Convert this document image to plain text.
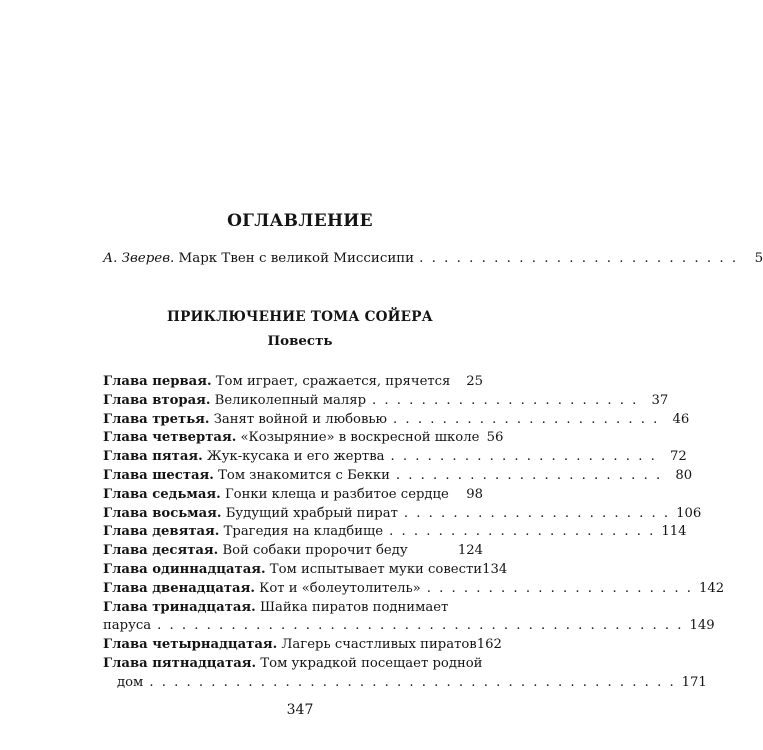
ОГЛАВЛЕНИЕ
А. Зверев. Марк Твен с великой Миссисипи . . . . . . . . . . . . . . . . . . . . . . . . . .	5
ПРИКЛЮЧЕНИЕ ТОМА СОЙЕРА
Повесть
Глава первая. Том играет, сражается, прячется	25
Глава вторая. Великолепный маляр . . . . . . . . . . . . . . . . . . . . . .	37
Глава третья. Занят войной и любовью . . . . . . . . . . . . . . . . . . . . . .	46
Глава четвертая. «Козыряние» в воскресной школе 56
Глава пятая. Жук-кусака и его жертва . . . . . . . . . . . . . . . . . . . . . .	72
Глава шестая. Том знакомится с Бекки . . . . . . . . . . . . . . . . . . . . . .	80
Глава седьмая. Гонки клеща и разбитое сердце	98
Глава восьмая. Будущий храбрый пират . . . . . . . . . . . . . . . . . . . . . . 106
Глава девятая. Трагедия на кладбище . . . . . . . . . . . . . . . . . . . . . . 114
Глава десятая. Вой собаки пророчит беду	124
Глава одиннадцатая. Том испытывает муки совести 134
Глава двенадцатая. Кот и «болеутолитель» . . . . . . . . . . . . . . . . . . . . . . 142
Глава тринадцатая. Шайка пиратов поднимает
паруса . . . . . . . . . . . . . . . . . . . . . . . . . . . . . . . . . . . . . . . . . . . 149
Глава четырнадцатая. Лагерь счастливых пиратов 162
Глава пятнадцатая. Том украдкой посещает родной
дом . . . . . . . . . . . . . . . . . . . . . . . . . . . . . . . . . . . . . . . . . . . 171
347
